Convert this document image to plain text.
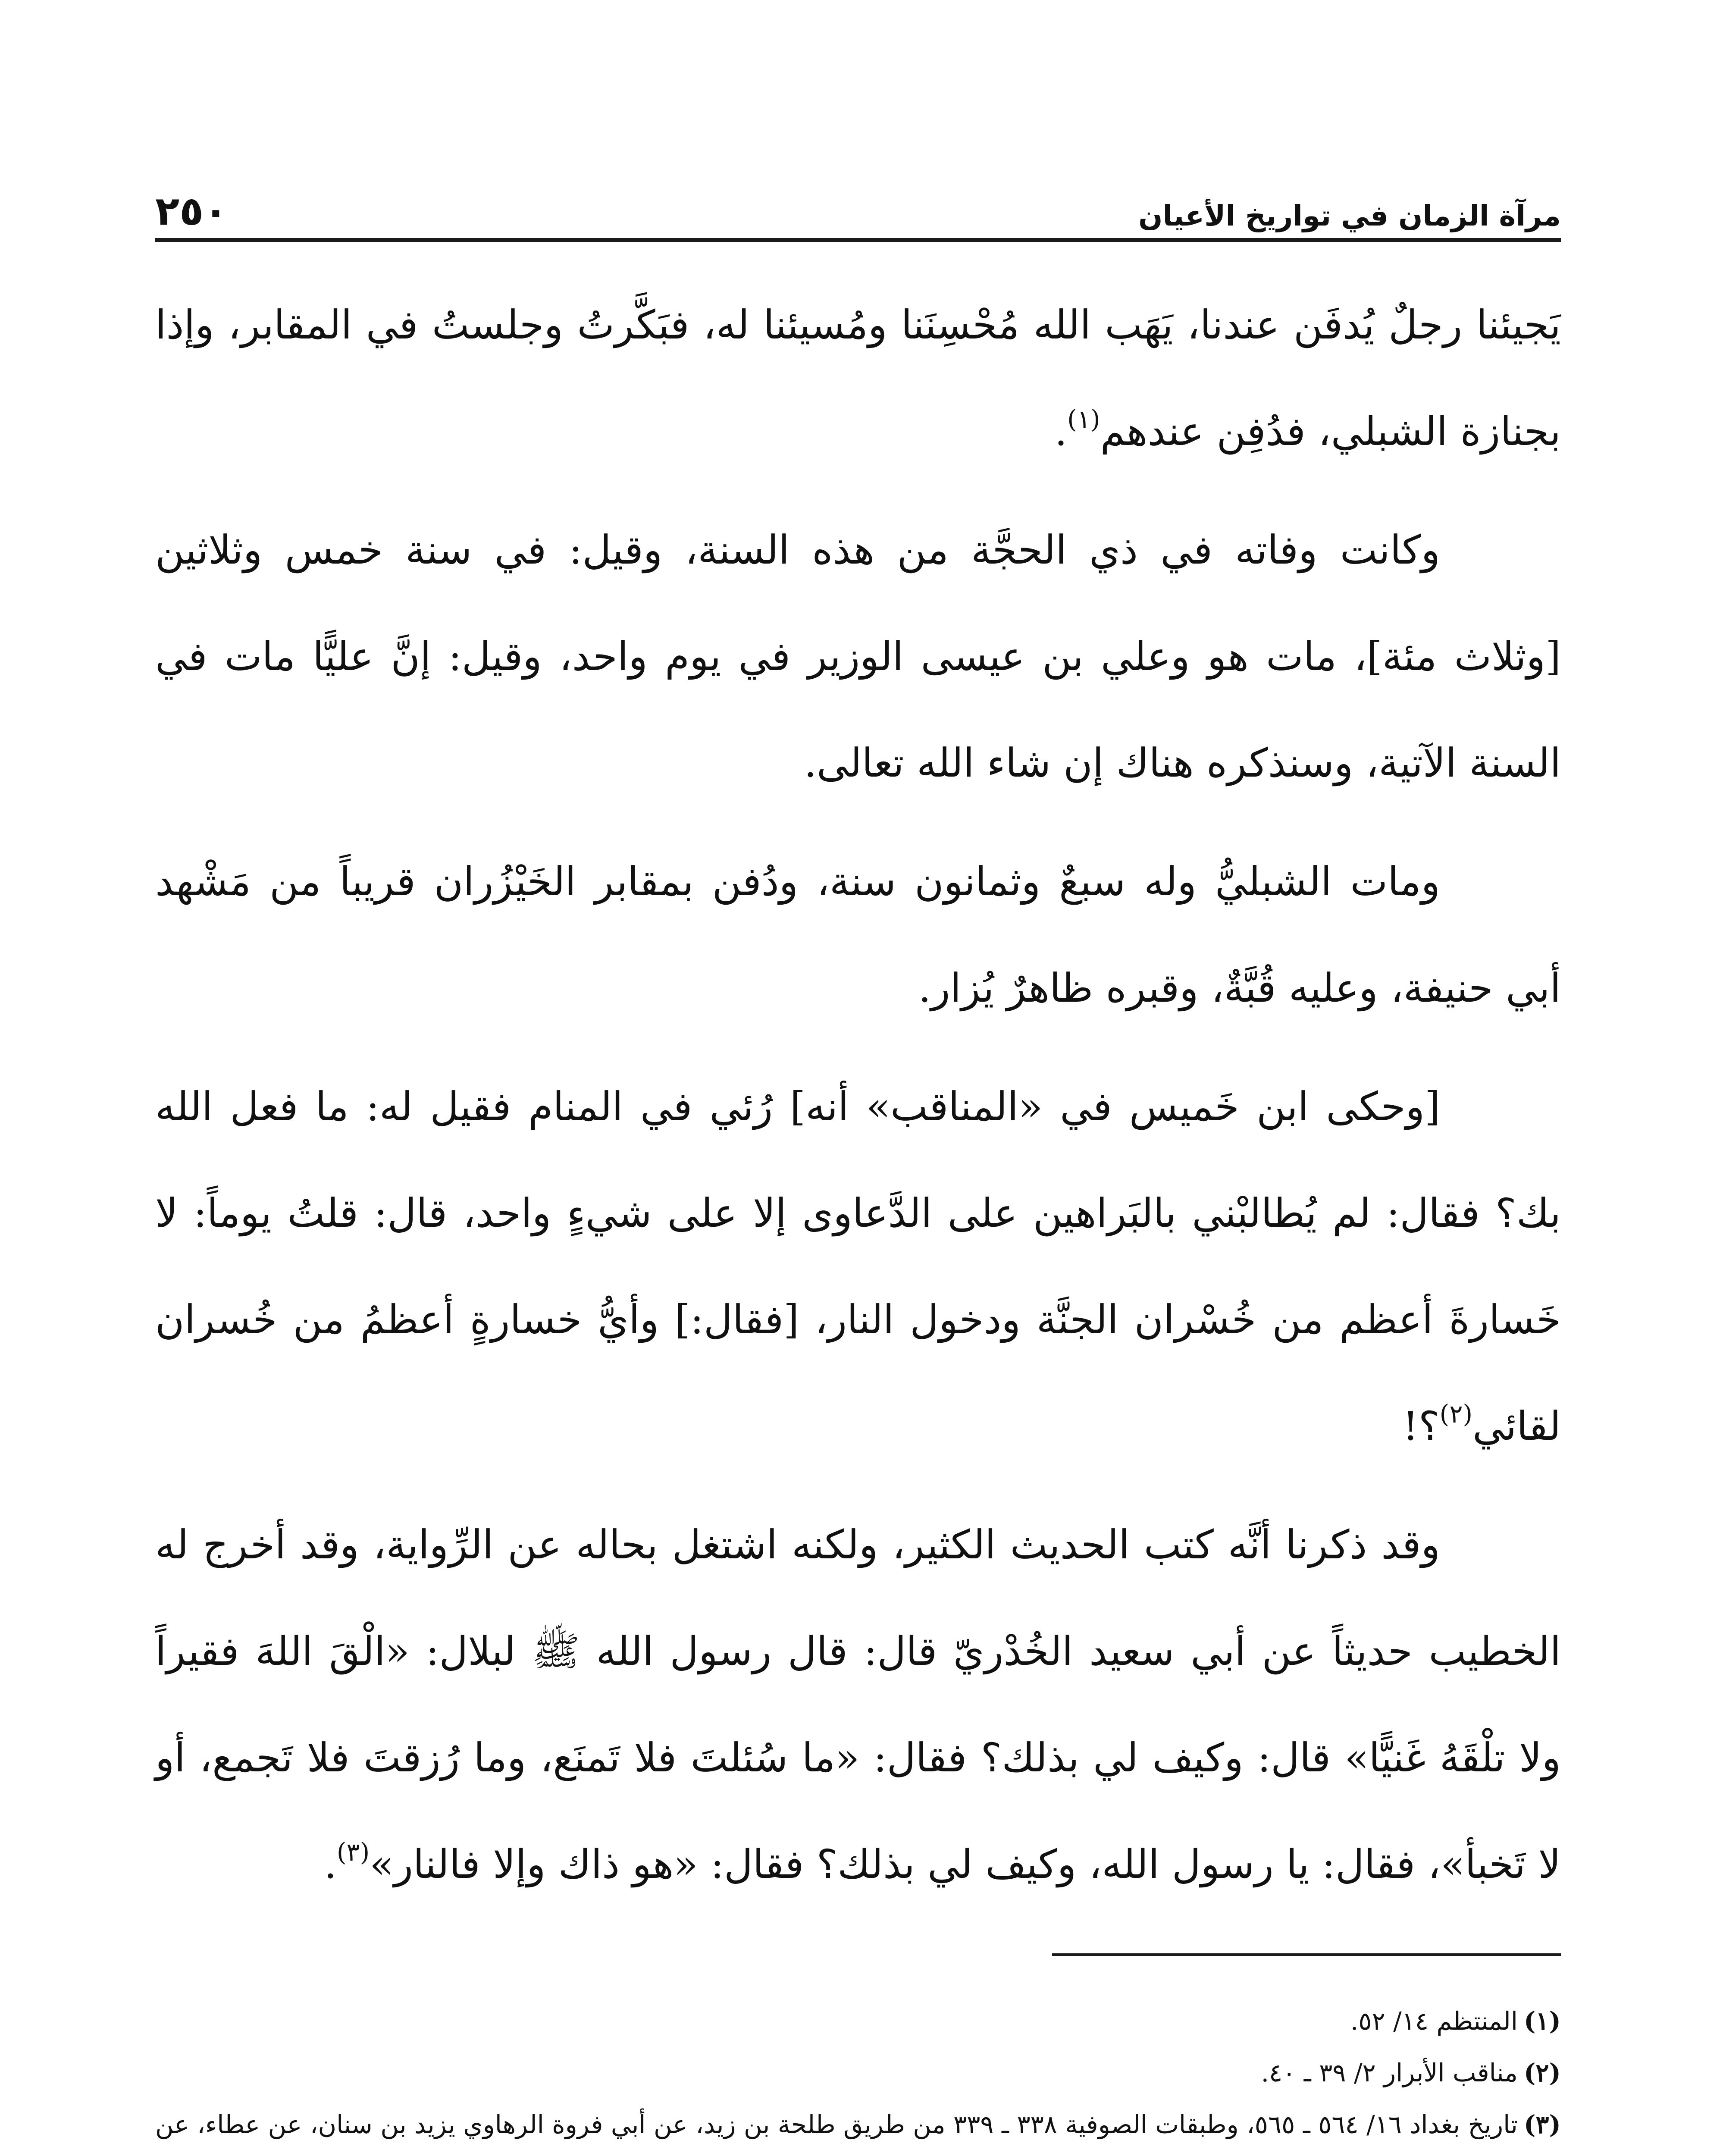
مرآة الزمان في تواريخ الأعيان
٢٥٠

يَجيئنا رجلٌ يُدفَن عندنا، يَهَب الله مُحْسِنَنا ومُسيئنا له، فبَكَّرتُ وجلستُ في المقابر، وإذا بجنازة الشبلي، فدُفِن عندهم$^{(١)}$.

وكانت وفاته في ذي الحجَّة من هذه السنة، وقيل: في سنة خمس وثلاثين [وثلاث مئة]، مات هو وعلي بن عيسى الوزير في يوم واحد، وقيل: إنَّ عليًّا مات في السنة الآتية، وسنذكره هناك إن شاء الله تعالى.

ومات الشبليُّ وله سبعٌ وثمانون سنة، ودُفن بمقابر الخَيْزُران قريباً من مَشْهد أبي حنيفة، وعليه قُبَّةٌ، وقبره ظاهرٌ يُزار.

[وحكى ابن خَميس في «المناقب» أنه] رُئي في المنام فقيل له: ما فعل الله بك؟ فقال: لم يُطالبْني بالبَراهين على الدَّعاوى إلا على شيءٍ واحد، قال: قلتُ يوماً: لا خَسارةَ أعظم من خُسْران الجنَّة ودخول النار، [فقال:] وأيُّ خسارةٍ أعظمُ من خُسران لقائي$^{(٢)}$؟!

وقد ذكرنا أنَّه كتب الحديث الكثير، ولكنه اشتغل بحاله عن الرِّواية، وقد أخرج له الخطيب حديثاً عن أبي سعيد الخُدْريّ قال: قال رسول الله ﷺ لبلال: «الْقَ اللهَ فقيراً ولا تلْقَهُ غَنيًّا» قال: وكيف لي بذلك؟ فقال: «ما سُئلتَ فلا تَمنَع، وما رُزقتَ فلا تَجمع، أو لا تَخبأ»، فقال: يا رسول الله، وكيف لي بذلك؟ فقال: «هو ذاك وإلا فالنار»$^{(٣)}$.

(١)المنتظم ١٤/ ٥٢.
(٢)مناقب الأبرار ٢/ ٣٩ ـ ٤٠.
(٣)تاريخ بغداد ١٦/ ٥٦٤ ـ ٥٦٥، وطبقات الصوفية ٣٣٨ ـ ٣٣٩ من طريق طلحة بن زيد، عن أبي فروة الرهاوي يزيد بن سنان، عن عطاء، عن
